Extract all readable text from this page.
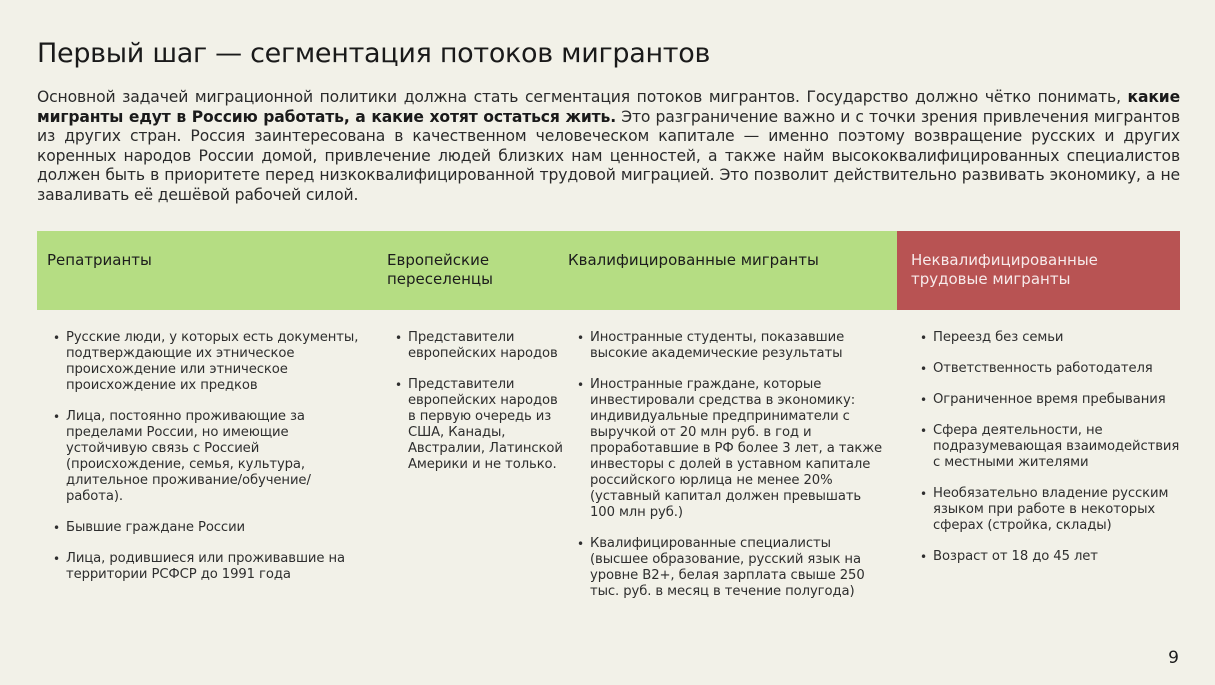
Первый шаг — сегментация потоков мигрантов

Основной задачей миграционной политики должна стать сегментация потоков мигрантов. Государство должно чётко понимать, какие мигранты едут в Россию работать, а какие хотят остаться жить. Это разграничение важно и с точки зрения привлечения мигрантов из других стран. Россия заинтересована в качественном человеческом капитале — именно поэтому возвращение русских и других коренных народов России домой, привлечение людей близких нам ценностей, а также найм высококвалифицированных специалистов должен быть в приоритете перед низкоквалифицированной трудовой миграцией. Это позволит действительно развивать экономику, а не заваливать её дешёвой рабочей силой.

Репатрианты	Европейские переселенцы
Квалифицированные мигранты	Неквалифицированные трудовые мигранты
• Русские люди, у которых есть документы, подтверждающие их этническое происхождение или этническое происхождение их предков
• Лица, постоянно проживающие за пределами России, но имеющие устойчивую связь с Россией (происхождение, семья, культура, длительное проживание/обучение/ работа).
• Бывшие граждане России
• Лица, родившиеся или проживавшие на территории РСФСР до 1991 года
• Представители европейских народов
• Представители европейских народов в первую очередь из США, Канады, Австралии, Латинской Америки и не только.
• Иностранные студенты, показавшие высокие академические результаты
• Иностранные граждане, которые инвестировали средства в экономику: индивидуальные предприниматели с выручкой от 20 млн руб. в год и проработавшие в РФ более 3 лет, а также инвесторы с долей в уставном капитале российского юрлица не менее 20% (уставный капитал должен превышать 100 млн руб.)
• Квалифицированные специалисты (высшее образование, русский язык на уровне B2+, белая зарплата свыше 250 тыс. руб. в месяц в течение полугода)
• Переезд без семьи
• Ответственность работодателя
• Ограниченное время пребывания
• Сфера деятельности, не подразумевающая взаимодействия с местными жителями
• Необязательно владение русским языком при работе в некоторых сферах (стройка, склады)
• Возраст от 18 до 45 лет
9
